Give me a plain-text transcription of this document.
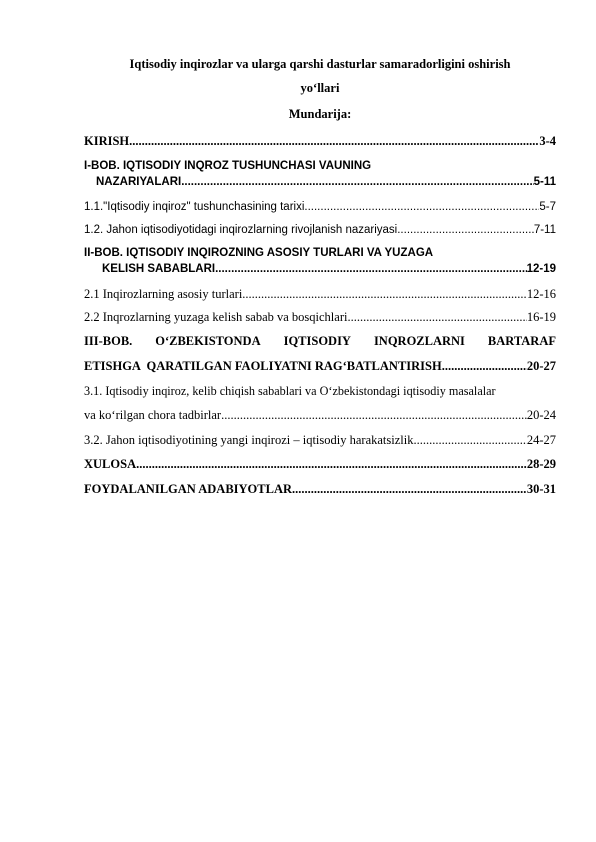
Iqtisodiy inqirozlar va ularga qarshi dasturlar samaradorligini oshirish
yo‘llari
Mundarija:
KIRISH .....	3-4
I-BOB. IQTISODIY INQROZ TUSHUNCHASI VAUNING
NAZARIYALARI .....	5-11
1.1."Iqtisodiy inqiroz" tushunchasining tarixi .....	5-7
1.2. Jahon iqtisodiyotidagi inqirozlarning rivojlanish nazariyasi .....	7-11
II-BOB. IQTISODIY INQIROZNING ASOSIY TURLARI VA YUZAGA
KELISH SABABLARI .....	12-19
2.1 Inqirozlarning asosiy turlari .....	12-16
2.2 Inqrozlarning yuzaga kelish sabab va bosqichlari .....	16-19
III-BOB. O‘ZBEKISTONDA IQTISODIY INQROZLARNI BARTARAF
ETISHGA  QARATILGAN FAOLIYATNI RAG‘BATLANTIRISH .....	20-27
3.1. Iqtisodiy inqiroz, kelib chiqish sabablari va O‘zbekistondagi iqtisodiy masalalar
va ko‘rilgan chora tadbirlar .....	20-24
3.2. Jahon iqtisodiyotining yangi inqirozi – iqtisodiy harakatsizlik .....	24-27
XULOSA .....	28-29
FOYDALANILGAN ADABIYOTLAR .....	30-31
